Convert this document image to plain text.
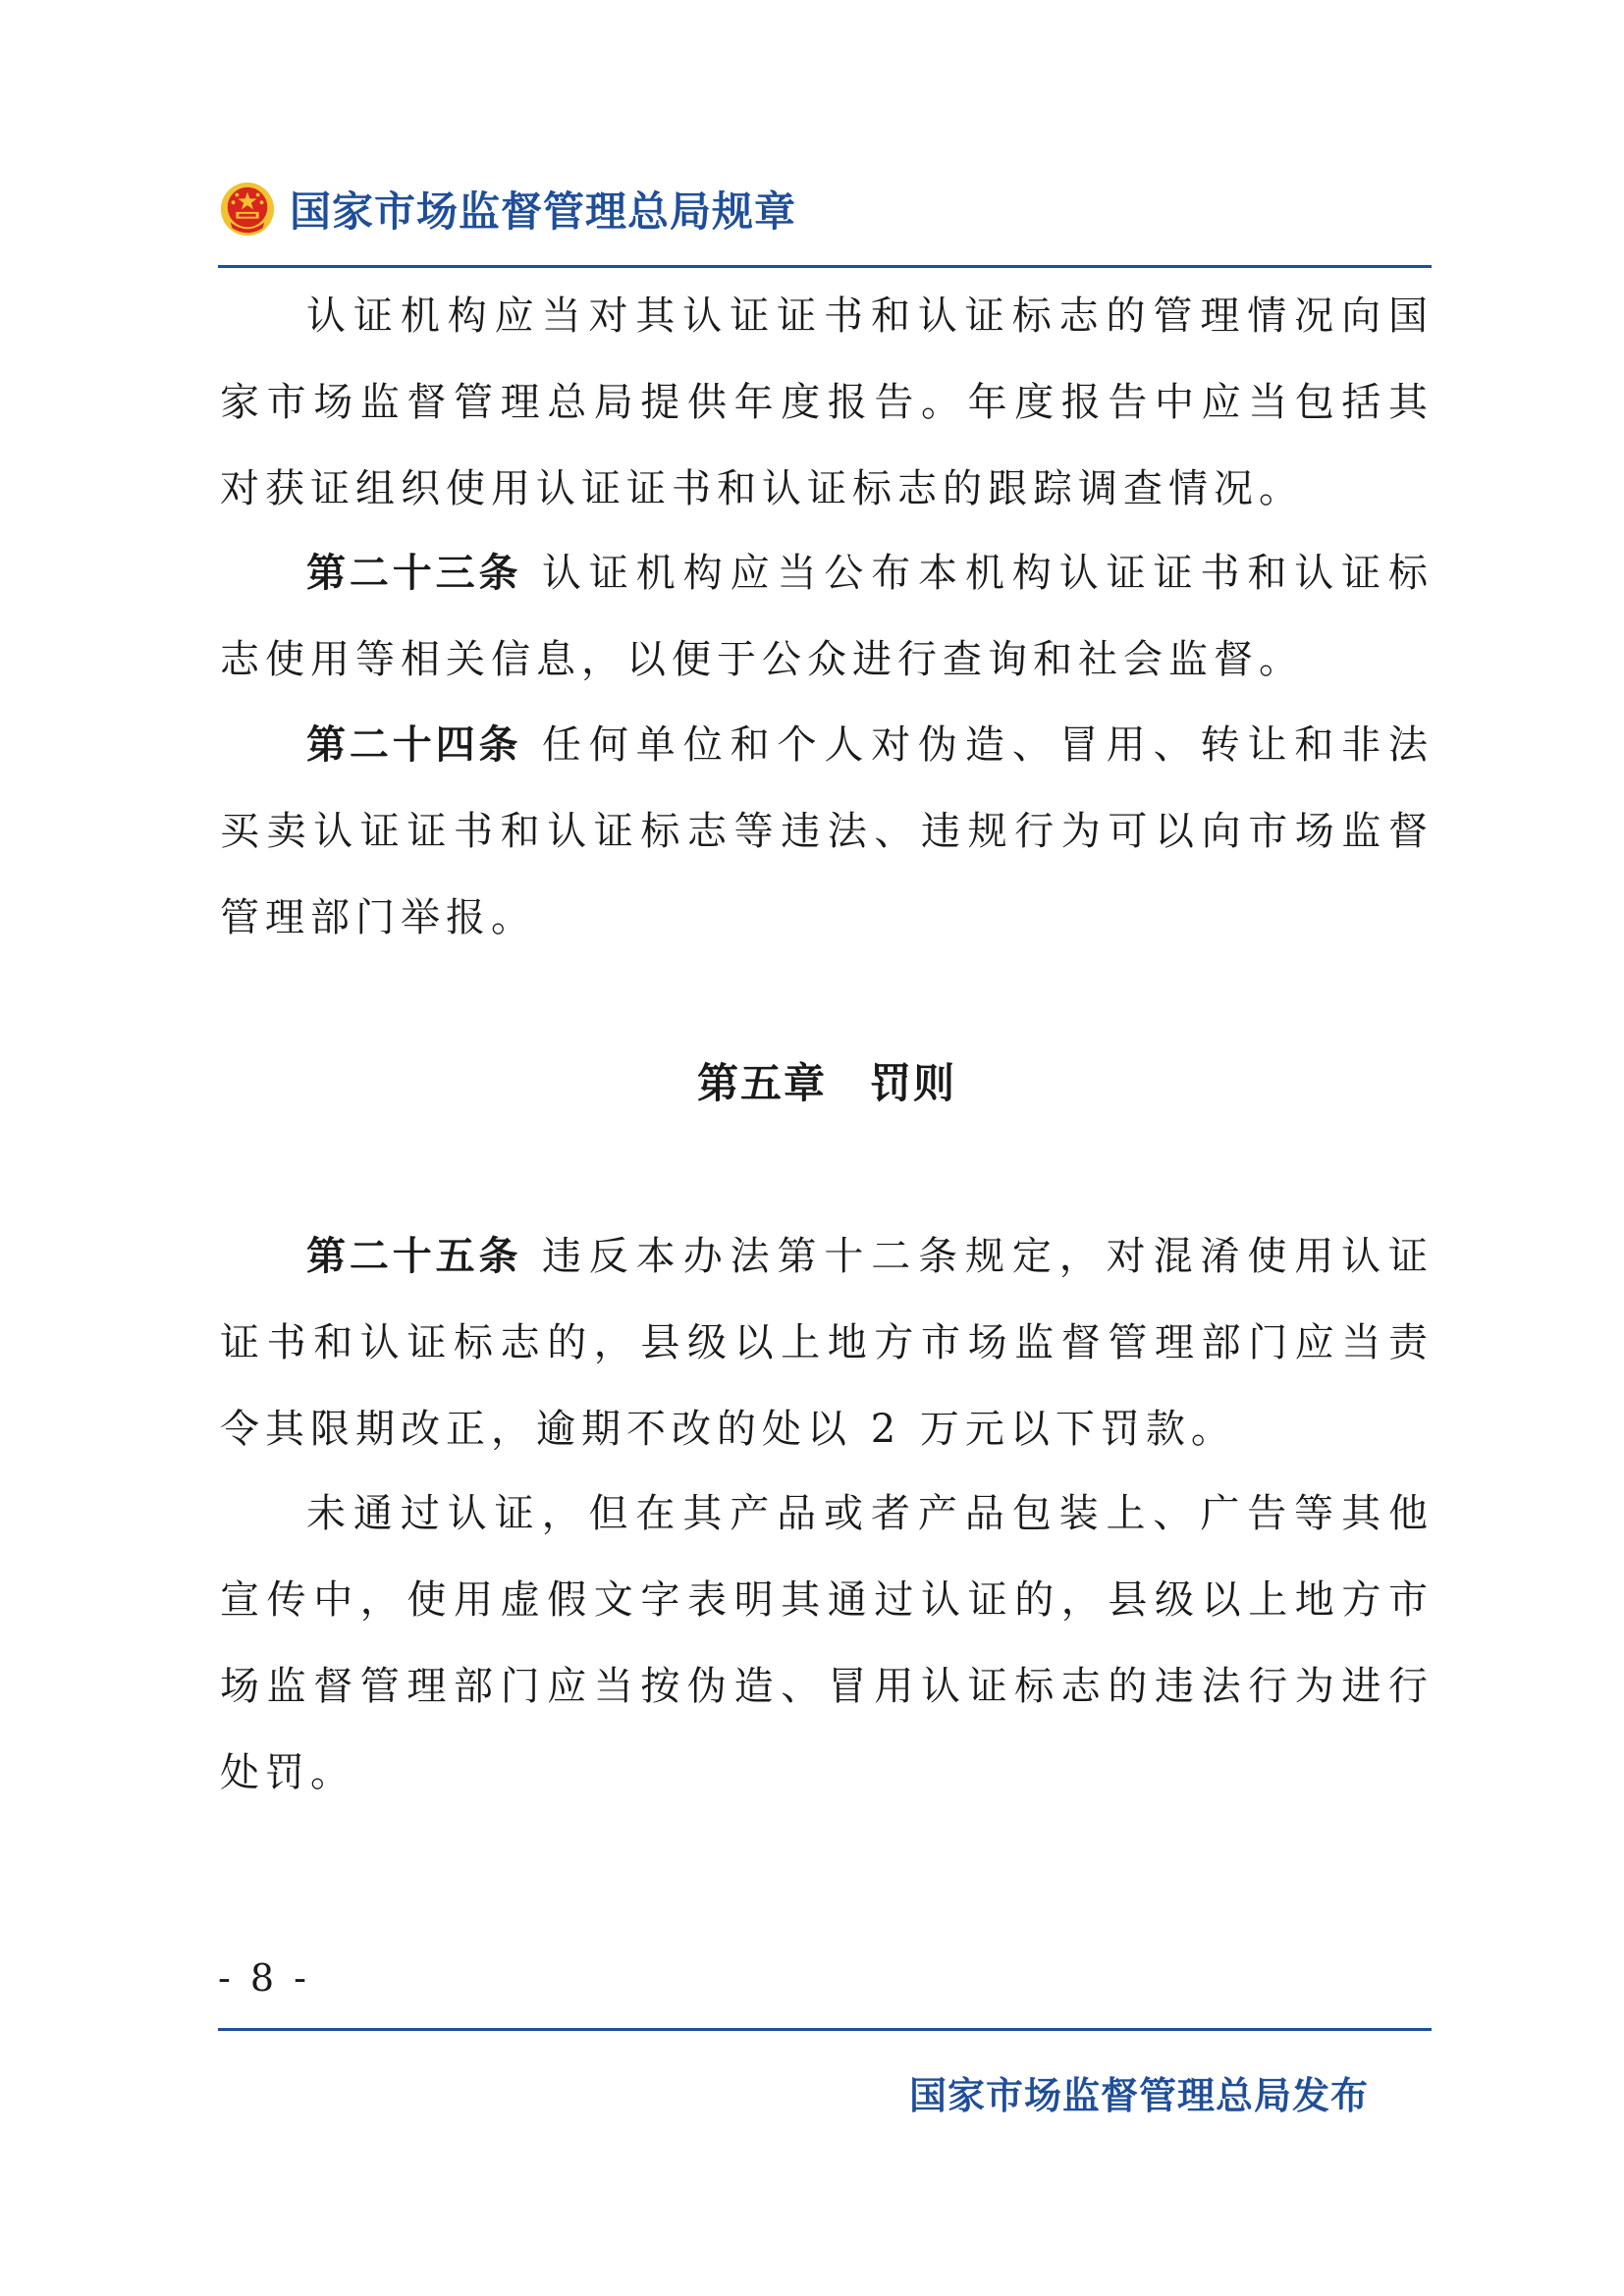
国家市场监督管理总局规章

认证机构应当对其认证证书和认证标志的管理情况向国家市场监督管理总局提供年度报告。年度报告中应当包括其对获证组织使用认证证书和认证标志的跟踪调查情况。

第二十三条 认证机构应当公布本机构认证证书和认证标志使用等相关信息，以便于公众进行查询和社会监督。

第二十四条 任何单位和个人对伪造、冒用、转让和非法买卖认证证书和认证标志等违法、违规行为可以向市场监督管理部门举报。

第五章　罚则

第二十五条 违反本办法第十二条规定，对混淆使用认证证书和认证标志的，县级以上地方市场监督管理部门应当责令其限期改正，逾期不改的处以 2 万元以下罚款。

未通过认证，但在其产品或者产品包装上、广告等其他宣传中，使用虚假文字表明其通过认证的，县级以上地方市场监督管理部门应当按伪造、冒用认证标志的违法行为进行处罚。

- 8 -
国家市场监督管理总局发布
